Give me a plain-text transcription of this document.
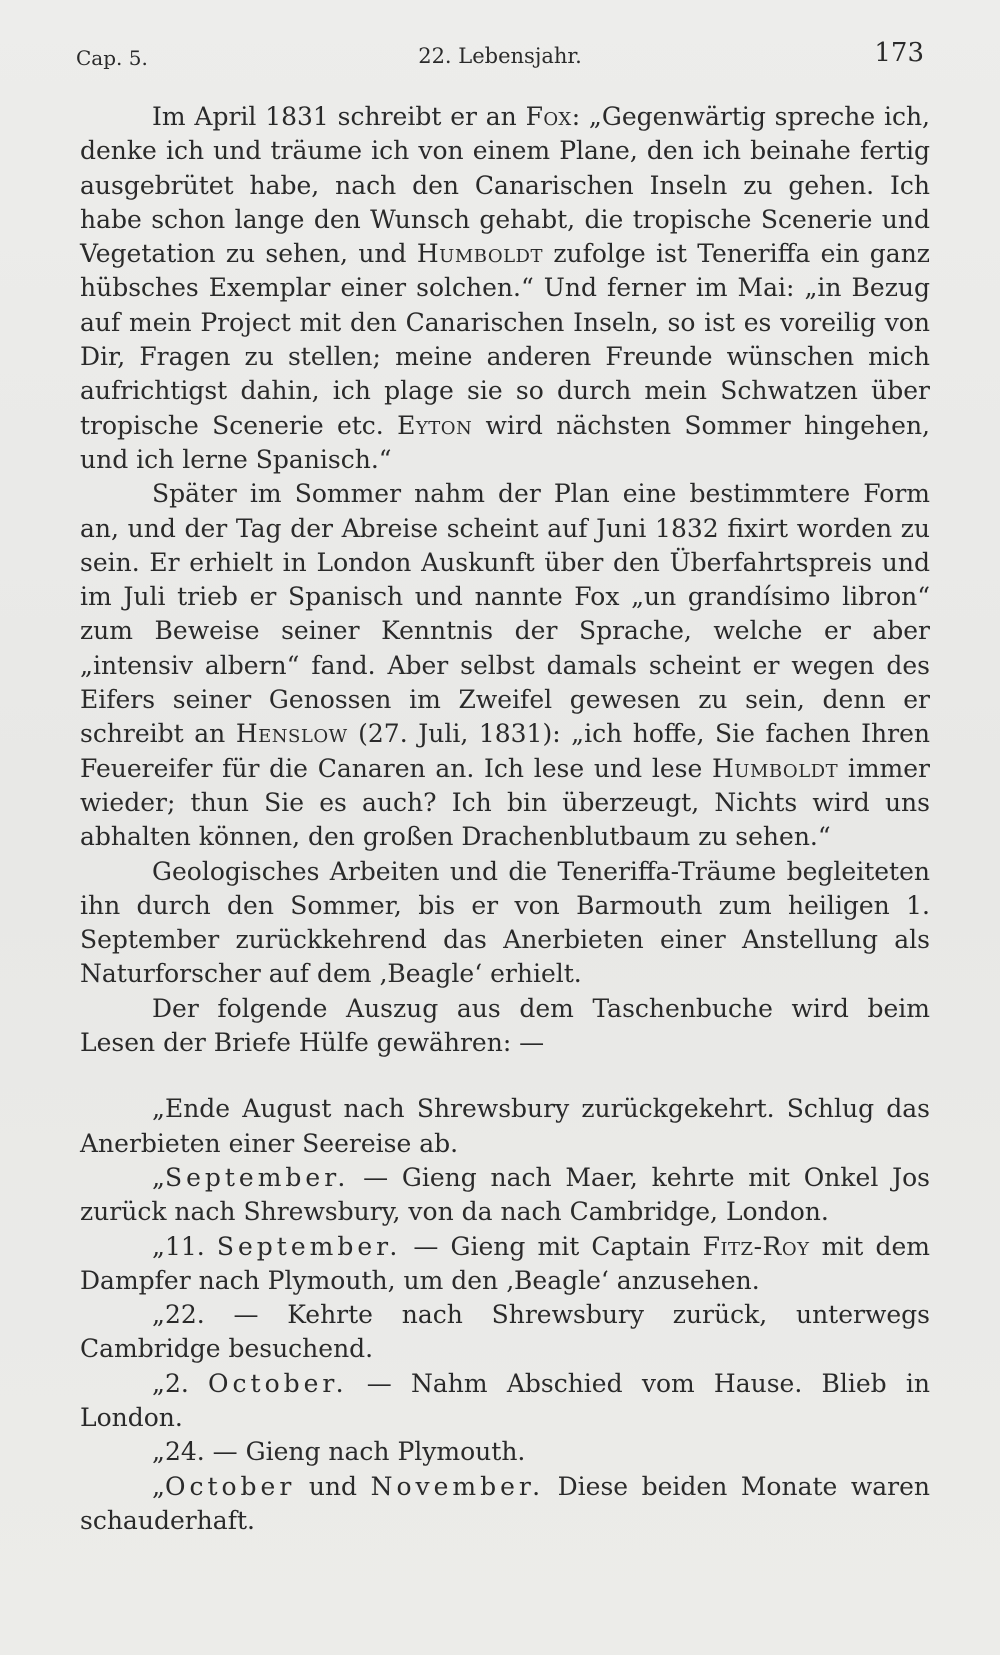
Cap. 5.	22. Lebensjahr.	173

Im April 1831 schreibt er an Fox: „Gegenwärtig spreche ich, denke ich und träume ich von einem Plane, den ich beinahe fertig ausgebrütet habe, nach den Canarischen Inseln zu gehen. Ich habe schon lange den Wunsch gehabt, die tropische Scenerie und Vegetation zu sehen, und Humboldt zufolge ist Teneriffa ein ganz hübsches Exemplar einer solchen.“ Und ferner im Mai: „in Bezug auf mein Project mit den Canarischen Inseln, so ist es voreilig von Dir, Fragen zu stellen; meine anderen Freunde wünschen mich aufrichtigst dahin, ich plage sie so durch mein Schwatzen über tropische Scenerie etc. Eyton wird nächsten Sommer hingehen, und ich lerne Spanisch.“

Später im Sommer nahm der Plan eine bestimmtere Form an, und der Tag der Abreise scheint auf Juni 1832 fixirt worden zu sein. Er erhielt in London Auskunft über den Überfahrtspreis und im Juli trieb er Spanisch und nannte Fox „un grandísimo libron“ zum Beweise seiner Kenntnis der Sprache, welche er aber „intensiv albern“ fand. Aber selbst damals scheint er wegen des Eifers seiner Genossen im Zweifel gewesen zu sein, denn er schreibt an Henslow (27. Juli, 1831): „ich hoffe, Sie fachen Ihren Feuereifer für die Canaren an. Ich lese und lese Humboldt immer wieder; thun Sie es auch? Ich bin überzeugt, Nichts wird uns abhalten können, den großen Drachenblutbaum zu sehen.“

Geologisches Arbeiten und die Teneriffa-Träume begleiteten ihn durch den Sommer, bis er von Barmouth zum heiligen 1. September zurückkehrend das Anerbieten einer Anstellung als Naturforscher auf dem ‚Beagle‘ erhielt.

Der folgende Auszug aus dem Taschenbuche wird beim Lesen der Briefe Hülfe gewähren: —

„Ende August nach Shrewsbury zurückgekehrt. Schlug das Anerbieten einer Seereise ab.

„September. — Gieng nach Maer, kehrte mit Onkel Jos zurück nach Shrewsbury, von da nach Cambridge, London.

„11. September. — Gieng mit Captain Fitz-Roy mit dem Dampfer nach Plymouth, um den ‚Beagle‘ anzusehen.

„22. — Kehrte nach Shrewsbury zurück, unterwegs Cambridge besuchend.

„2. October. — Nahm Abschied vom Hause. Blieb in London.

„24. — Gieng nach Plymouth.

„October und November. Diese beiden Monate waren schauderhaft.
